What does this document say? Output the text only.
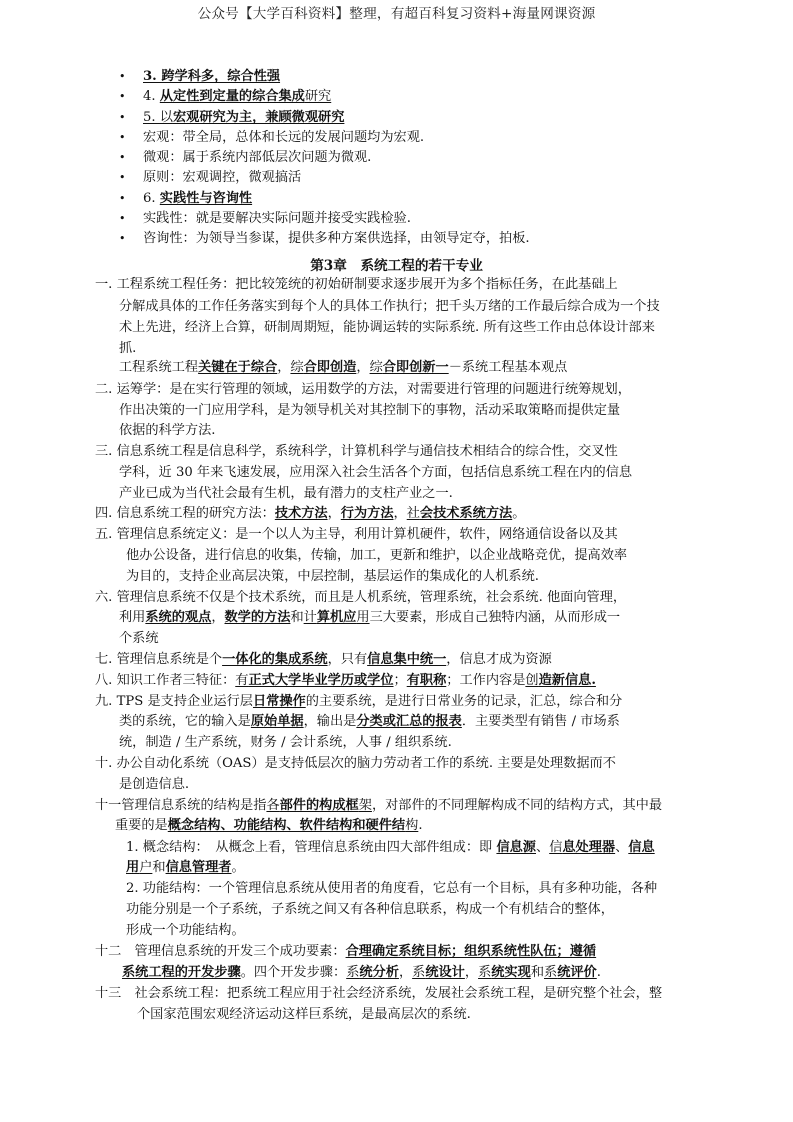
公众号【大学百科资料】整理，有超百科复习资料+海量网课资源
• 3. 跨学科多，综合性强
• 4. 从定性到定量的综合集成研究
• 5. 以宏观研究为主，兼顾微观研究
• 宏观：带全局，总体和长远的发展问题均为宏观.
• 微观：属于系统内部低层次问题为微观.
• 原则：宏观调控，微观搞活
• 6. 实践性与咨询性
• 实践性：就是要解决实际问题并接受实践检验.
• 咨询性：为领导当参谋，提供多种方案供选择，由领导定夺，拍板.
第3章　系统工程的若干专业
一. 工程系统工程任务：把比较笼统的初始研制要求逐步展开为多个指标任务，在此基础上
分解成具体的工作任务落实到每个人的具体工作执行；把千头万绪的工作最后综合成为一个技
术上先进，经济上合算，研制周期短，能协调运转的实际系统. 所有这些工作由总体设计部来
抓.
工程系统工程关键在于综合，综合即创造，综合即创新一－系统工程基本观点
二. 运筹学：是在实行管理的领域，运用数学的方法，对需要进行管理的问题进行统筹规划，
作出决策的一门应用学科，是为领导机关对其控制下的事物，活动采取策略而提供定量
依据的科学方法.
三. 信息系统工程是信息科学，系统科学，计算机科学与通信技术相结合的综合性，交叉性
学科，近 30 年来飞速发展，应用深入社会生活各个方面，包括信息系统工程在内的信息
产业已成为当代社会最有生机，最有潜力的支柱产业之一.
四. 信息系统工程的研究方法：技术方法，行为方法，社会技术系统方法。
五. 管理信息系统定义：是一个以人为主导，利用计算机硬件，软件，网络通信设备以及其
他办公设备，进行信息的收集，传输，加工，更新和维护，以企业战略竞优，提高效率
为目的，支持企业高层决策，中层控制，基层运作的集成化的人机系统.
六. 管理信息系统不仅是个技术系统，而且是人机系统，管理系统，社会系统. 他面向管理，
利用系统的观点，数学的方法和计算机应用三大要素，形成自己独特内涵，从而形成一
个系统
七. 管理信息系统是个一体化的集成系统，只有信息集中统一，信息才成为资源
八. 知识工作者三特征：有正式大学毕业学历或学位；有职称；工作内容是创造新信息.
九. TPS 是支持企业运行层日常操作的主要系统，是进行日常业务的记录，汇总，综合和分
类的系统，它的输入是原始单据，输出是分类或汇总的报表．主要类型有销售 / 市场系
统，制造 / 生产系统，财务 / 会计系统，人事 / 组织系统.
十. 办公自动化系统（OAS）是支持低层次的脑力劳动者工作的系统. 主要是处理数据而不
是创造信息.
十一管理信息系统的结构是指各部件的构成框架，对部件的不同理解构成不同的结构方式，其中最
重要的是概念结构、功能结构、软件结构和硬件结构.
1. 概念结构：　从概念上看，管理信息系统由四大部件组成：即 信息源、信息处理器、信息
用户和信息管理者。
2. 功能结构：一个管理信息系统从使用者的角度看，它总有一个目标，具有多种功能，各种
功能分别是一个子系统，子系统之间又有各种信息联系，构成一个有机结合的整体，
形成一个功能结构。
十二　管理信息系统的开发三个成功要素：合理确定系统目标；组织系统性队伍；遵循
系统工程的开发步骤。四个开发步骤：系统分析，系统设计，系统实现和系统评价.
十三　社会系统工程：把系统工程应用于社会经济系统，发展社会系统工程，是研究整个社会，整
个国家范围宏观经济运动这样巨系统，是最高层次的系统.
